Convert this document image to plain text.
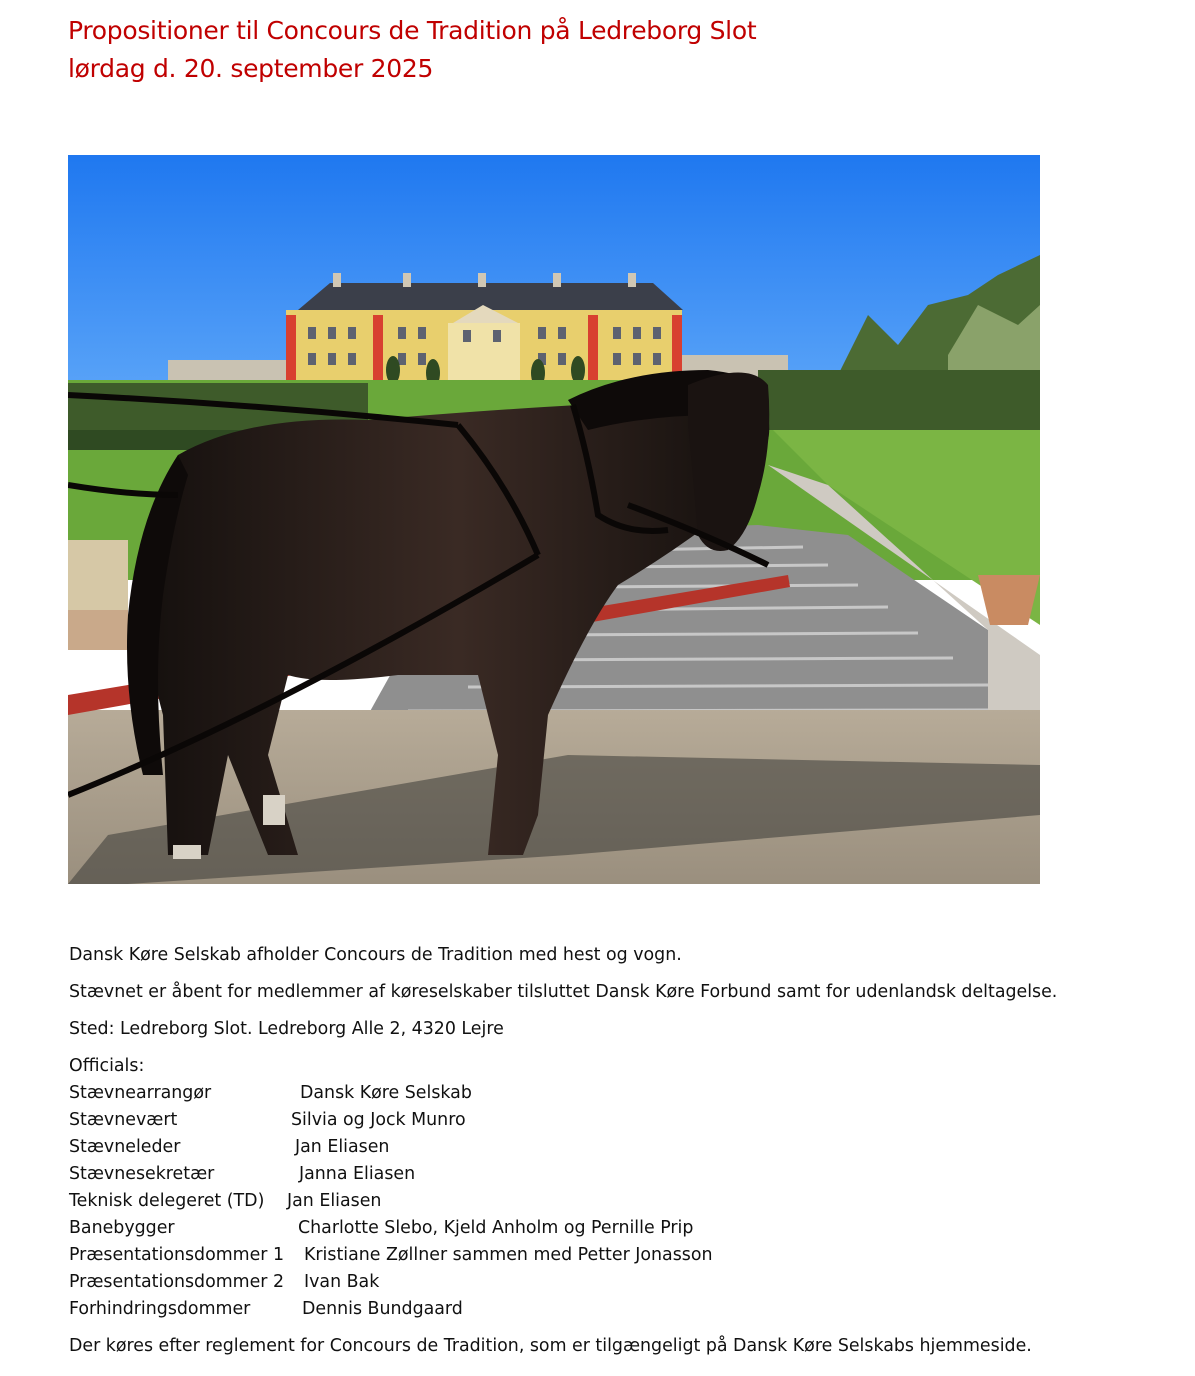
Propositioner til Concours de Tradition på Ledreborg Slot
lørdag d. 20. september 2025

Dansk Køre Selskab afholder Concours de Tradition med hest og vogn.

Stævnet er åbent for medlemmer af køreselskaber tilsluttet Dansk Køre Forbund samt for udenlandsk deltagelse.

Sted: Ledreborg Slot. Ledreborg Alle 2, 4320 Lejre

Officials:
Stævnearrangør	Dansk Køre Selskab
Stævnevært	Silvia og Jock Munro
Stævneleder	Jan Eliasen
Stævnesekretær	Janna Eliasen
Teknisk delegeret (TD)	Jan Eliasen
Banebygger	Charlotte Slebo, Kjeld Anholm og Pernille Prip
Præsentationsdommer 1	Kristiane Zøllner sammen med Petter Jonasson
Præsentationsdommer 2	Ivan Bak
Forhindringsdommer	Dennis Bundgaard

Der køres efter reglement for Concours de Tradition, som er tilgængeligt på Dansk Køre Selskabs hjemmeside.
